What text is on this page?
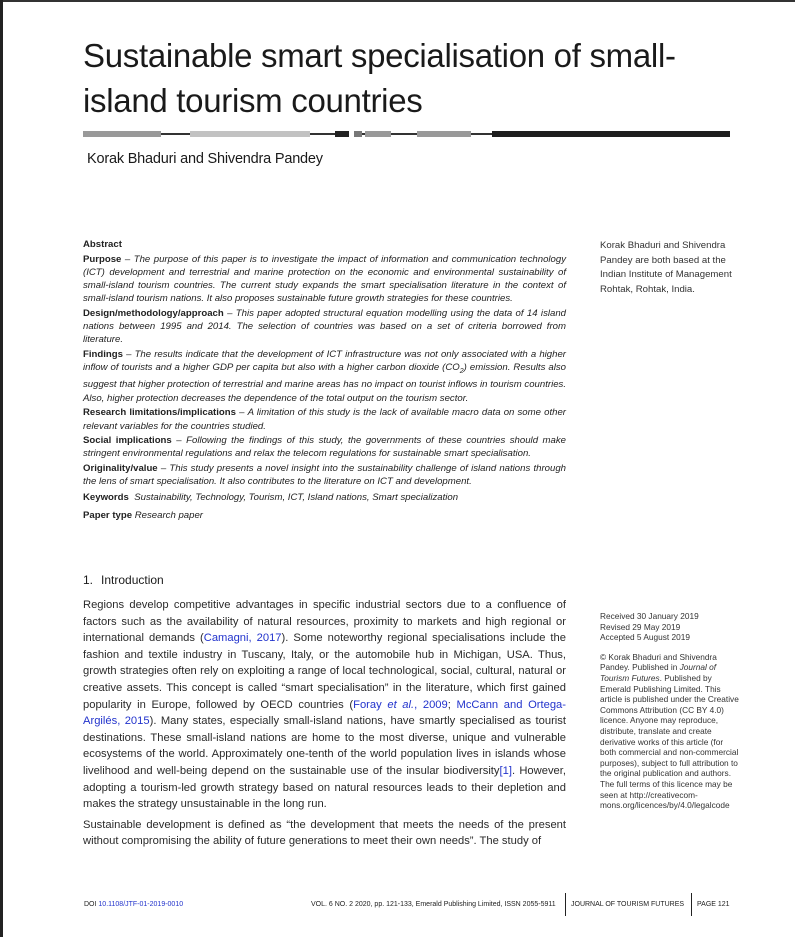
Sustainable smart specialisation of small-island tourism countries
Korak Bhaduri and Shivendra Pandey

Abstract

Purpose – The purpose of this paper is to investigate the impact of information and communication technology (ICT) development and terrestrial and marine protection on the economic and environmental sustainability of small-island tourism countries. The current study expands the smart specialisation literature in the context of small-island tourism nations. It also proposes sustainable future growth strategies for these countries.

Design/methodology/approach – This paper adopted structural equation modelling using the data of 14 island nations between 1995 and 2014. The selection of countries was based on a set of criteria borrowed from literature.

Findings – The results indicate that the development of ICT infrastructure was not only associated with a higher inflow of tourists and a higher GDP per capita but also with a higher carbon dioxide $(CO_2)$ emission. Results also suggest that higher protection of terrestrial and marine areas has no impact on tourist inflows in tourism countries. Also, higher protection decreases the dependence of the total output on the tourism sector.

Research limitations/implications – A limitation of this study is the lack of available macro data on some other relevant variables for the countries studied.

Social implications – Following the findings of this study, the governments of these countries should make stringent environmental regulations and relax the telecom regulations for sustainable smart specialisation.

Originality/value – This study presents a novel insight into the sustainability challenge of island nations through the lens of smart specialisation. It also contributes to the literature on ICT and development.

Keywords Sustainability, Technology, Tourism, ICT, Island nations, Smart specialization

Paper type Research paper

Korak Bhaduri and Shivendra Pandey are both based at the Indian Institute of Management Rohtak, Rohtak, India.
1. Introduction

Regions develop competitive advantages in specific industrial sectors due to a confluence of factors such as the availability of natural resources, proximity to markets and high regional or international demands (Camagni, 2017). Some noteworthy regional specialisations include the fashion and textile industry in Tuscany, Italy, or the automobile hub in Michigan, USA. Thus, growth strategies often rely on exploiting a range of local technological, social, cultural, natural or creative assets. This concept is called “smart specialisation” in the literature, which first gained popularity in Europe, followed by OECD countries (Foray et al., 2009; McCann and Ortega-Argilés, 2015). Many states, especially small-island nations, have smartly specialised as tourist destinations. These small-island nations are home to the most diverse, unique and vulnerable ecosystems of the world. Approximately one-tenth of the world population lives in islands whose livelihood and well-being depend on the sustainable use of the insular biodiversity[1]. However, adopting a tourism-led growth strategy based on natural resources leads to their depletion and makes the strategy unsustainable in the long run.

Sustainable development is defined as “the development that meets the needs of the present without compromising the ability of future generations to meet their own needs”. The study of

Received 30 January 2019
Revised 29 May 2019
Accepted 5 August 2019
© Korak Bhaduri and Shivendra Pandey. Published in Journal of Tourism Futures. Published by Emerald Publishing Limited. This article is published under the Creative Commons Attribution (CC BY 4.0) licence. Anyone may reproduce, distribute, translate and create derivative works of this article (for both commercial and non-commercial purposes), subject to full attribution to the original publication and authors. The full terms of this licence may be seen at http://creativecom-mons.org/licences/by/4.0/legalcode
DOI 10.1108/JTF-01-2019-0010	VOL. 6 NO. 2 2020, pp. 121-133, Emerald Publishing Limited, ISSN 2055-5911 JOURNAL OF TOURISM FUTURES PAGE 121
